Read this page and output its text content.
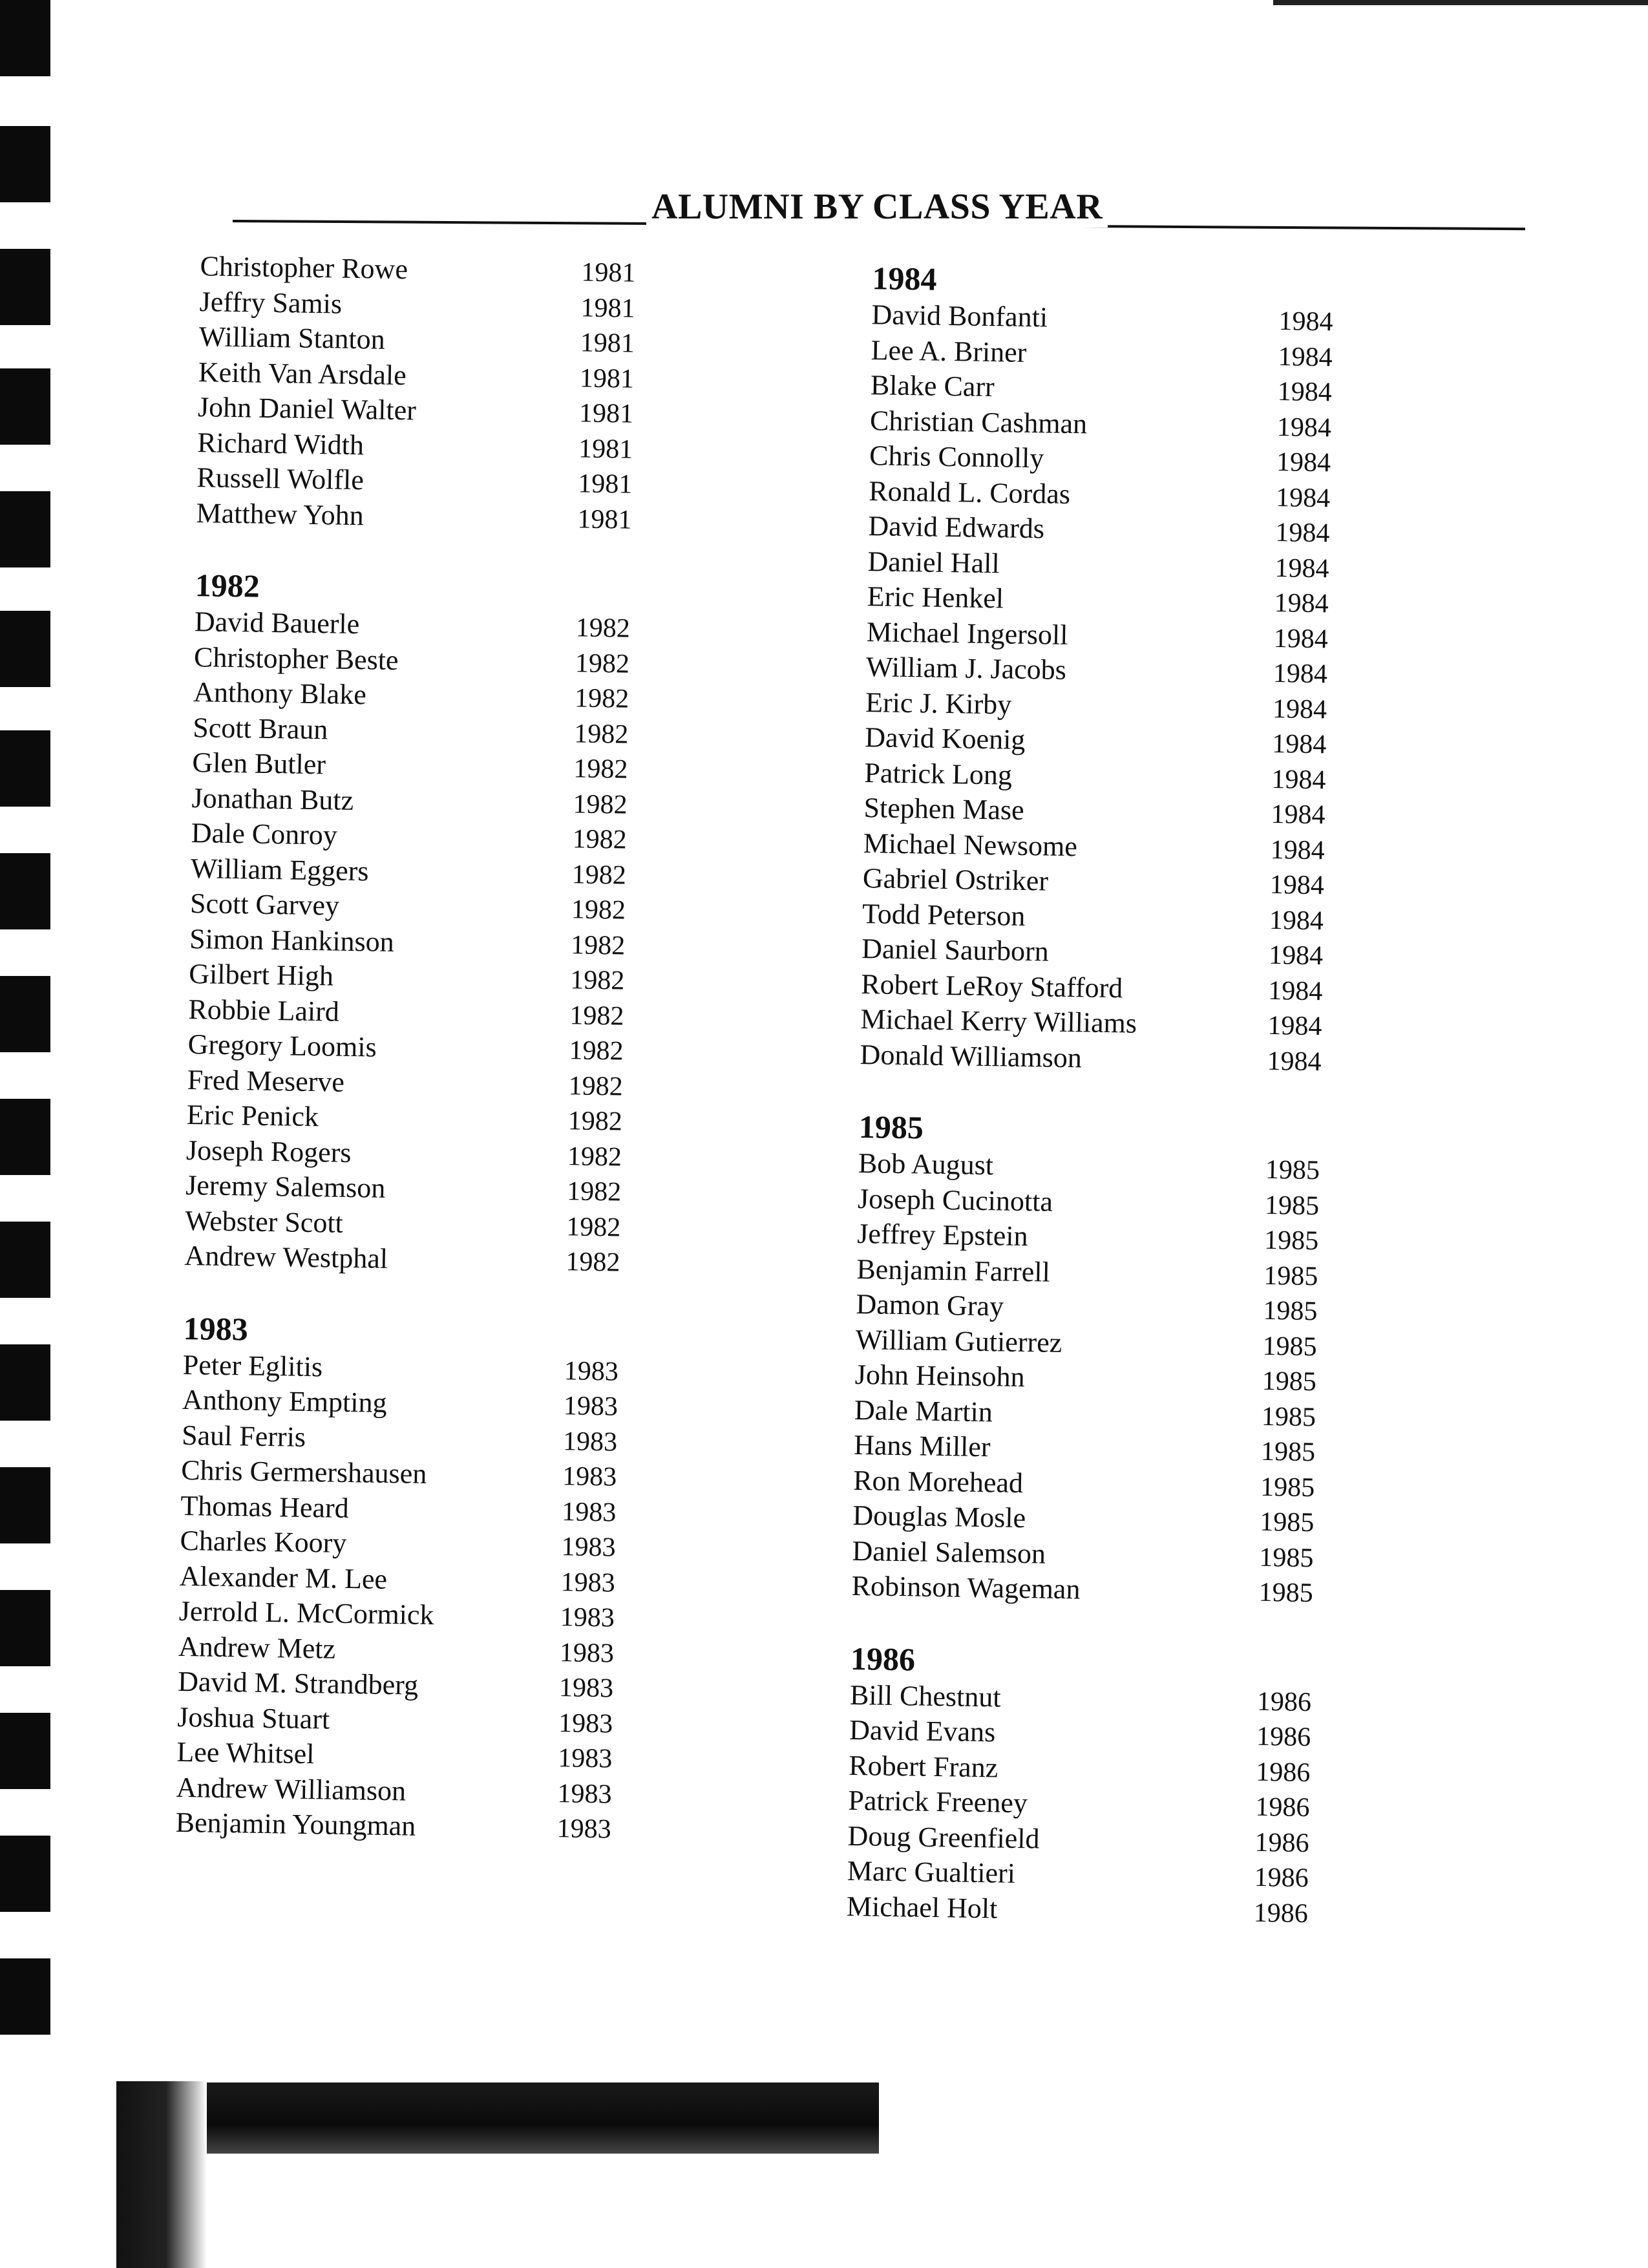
ALUMNI BY CLASS YEAR
Christopher Rowe	1981
Jeffry Samis	1981
William Stanton	1981
Keith Van Arsdale	1981
John Daniel Walter	1981
Richard Width	1981
Russell Wolfle	1981
Matthew Yohn	1981
1982
David Bauerle	1982
Christopher Beste	1982
Anthony Blake	1982
Scott Braun	1982
Glen Butler	1982
Jonathan Butz	1982
Dale Conroy	1982
William Eggers	1982
Scott Garvey	1982
Simon Hankinson	1982
Gilbert High	1982
Robbie Laird	1982
Gregory Loomis	1982
Fred Meserve	1982
Eric Penick	1982
Joseph Rogers	1982
Jeremy Salemson	1982
Webster Scott	1982
Andrew Westphal	1982
1983
Peter Eglitis	1983
Anthony Empting	1983
Saul Ferris	1983
Chris Germershausen	1983
Thomas Heard	1983
Charles Koory	1983
Alexander M. Lee	1983
Jerrold L. McCormick	1983
Andrew Metz	1983
David M. Strandberg	1983
Joshua Stuart	1983
Lee Whitsel	1983
Andrew Williamson	1983
Benjamin Youngman	1983
1984
David Bonfanti	1984
Lee A. Briner	1984
Blake Carr	1984
Christian Cashman	1984
Chris Connolly	1984
Ronald L. Cordas	1984
David Edwards	1984
Daniel Hall	1984
Eric Henkel	1984
Michael Ingersoll	1984
William J. Jacobs	1984
Eric J. Kirby	1984
David Koenig	1984
Patrick Long	1984
Stephen Mase	1984
Michael Newsome	1984
Gabriel Ostriker	1984
Todd Peterson	1984
Daniel Saurborn	1984
Robert LeRoy Stafford	1984
Michael Kerry Williams	1984
Donald Williamson	1984
1985
Bob August	1985
Joseph Cucinotta	1985
Jeffrey Epstein	1985
Benjamin Farrell	1985
Damon Gray	1985
William Gutierrez	1985
John Heinsohn	1985
Dale Martin	1985
Hans Miller	1985
Ron Morehead	1985
Douglas Mosle	1985
Daniel Salemson	1985
Robinson Wageman	1985
1986
Bill Chestnut	1986
David Evans	1986
Robert Franz	1986
Patrick Freeney	1986
Doug Greenfield	1986
Marc Gualtieri	1986
Michael Holt	1986
